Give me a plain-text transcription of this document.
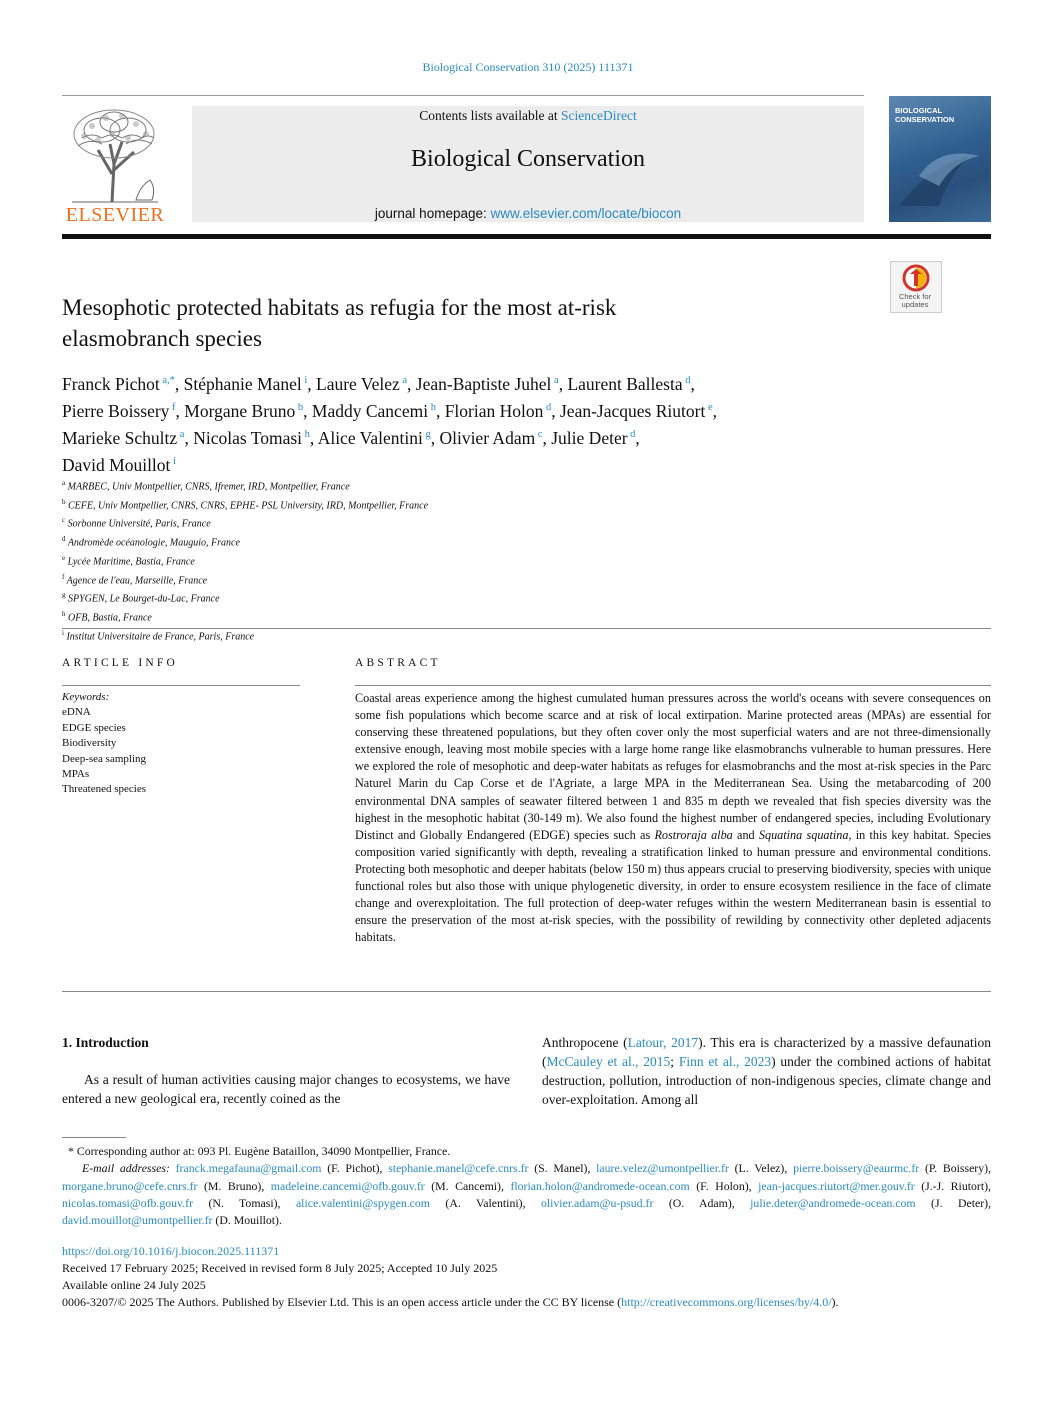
Biological Conservation 310 (2025) 111371
ELSEVIER
Contents lists available at ScienceDirect
Biological Conservation
journal homepage: www.elsevier.com/locate/biocon
BIOLOGICAL
CONSERVATION
Check for
updates
Mesophotic protected habitats as refugia for the most at-risk
elasmobranch species
Franck Pichot $^{a,*}$, Stéphanie Manel $^i$, Laure Velez $^a$, Jean-Baptiste Juhel $^a$, Laurent Ballesta $^d$,
Pierre Boissery $^f$, Morgane Bruno $^b$, Maddy Cancemi $^h$, Florian Holon $^d$, Jean-Jacques Riutort $^e$,
Marieke Schultz $^a$, Nicolas Tomasi $^h$, Alice Valentini $^g$, Olivier Adam $^c$, Julie Deter $^d$,
David Mouillot $^i$
$^a$ MARBEC, Univ Montpellier, CNRS, Ifremer, IRD, Montpellier, France
$^b$ CEFE, Univ Montpellier, CNRS, CNRS, EPHE- PSL University, IRD, Montpellier, France
$^c$ Sorbonne Université, Paris, France
$^d$ Andromède océanologie, Mauguio, France
$^e$ Lycée Maritime, Bastia, France
$^f$ Agence de l'eau, Marseille, France
$^g$ SPYGEN, Le Bourget-du-Lac, France
$^h$ OFB, Bastia, France
$^i$ Institut Universitaire de France, Paris, France
ARTICLE INFO	ABSTRACT
Keywords:
eDNA
EDGE species
Biodiversity
Deep-sea sampling
MPAs
Threatened species
Coastal areas experience among the highest cumulated human pressures across the world's oceans with severe consequences on some fish populations which become scarce and at risk of local extirpation. Marine protected areas (MPAs) are essential for conserving these threatened populations, but they often cover only the most superficial waters and are not three-dimensionally extensive enough, leaving most mobile species with a large home range like elasmobranchs vulnerable to human pressures. Here we explored the role of mesophotic and deep-water habitats as refuges for elasmobranchs and the most at-risk species in the Parc Naturel Marin du Cap Corse et de l'Agriate, a large MPA in the Mediterranean Sea. Using the metabarcoding of 200 environmental DNA samples of seawater filtered between 1 and 835 m depth we revealed that fish species diversity was the highest in the mesophotic habitat (30-149 m). We also found the highest number of endangered species, including Evolutionary Distinct and Globally Endangered (EDGE) species such as Rostroraja alba and Squatina squatina, in this key habitat. Species composition varied significantly with depth, revealing a stratification linked to human pressure and environmental conditions. Protecting both mesophotic and deeper habitats (below 150 m) thus appears crucial to preserving biodiversity, species with unique functional roles but also those with unique phylogenetic diversity, in order to ensure ecosystem resilience in the face of climate change and overexploitation. The full protection of deep-water refuges within the western Mediterranean basin is essential to ensure the preservation of the most at-risk species, with the possibility of rewilding by connectivity other depleted adjacents habitats.
1. Introduction
As a result of human activities causing major changes to ecosystems, we have entered a new geological era, recently coined as the
Anthropocene (Latour, 2017). This era is characterized by a massive defaunation (McCauley et al., 2015; Finn et al., 2023) under the combined actions of habitat destruction, pollution, introduction of non-indigenous species, climate change and over-exploitation. Among all
* Corresponding author at: 093 Pl. Eugène Bataillon, 34090 Montpellier, France.
E-mail addresses: franck.megafauna@gmail.com (F. Pichot), stephanie.manel@cefe.cnrs.fr (S. Manel), laure.velez@umontpellier.fr (L. Velez), pierre.boissery@eaurmc.fr (P. Boissery), morgane.bruno@cefe.cnrs.fr (M. Bruno), madeleine.cancemi@ofb.gouv.fr (M. Cancemi), florian.holon@andromede-ocean.com (F. Holon), jean-jacques.riutort@mer.gouv.fr (J.-J. Riutort), nicolas.tomasi@ofb.gouv.fr (N. Tomasi), alice.valentini@spygen.com (A. Valentini), olivier.adam@u-psud.fr (O. Adam), julie.deter@andromede-ocean.com (J. Deter), david.mouillot@umontpellier.fr (D. Mouillot).
https://doi.org/10.1016/j.biocon.2025.111371
Received 17 February 2025; Received in revised form 8 July 2025; Accepted 10 July 2025
Available online 24 July 2025
0006-3207/© 2025 The Authors. Published by Elsevier Ltd. This is an open access article under the CC BY license (http://creativecommons.org/licenses/by/4.0/).
